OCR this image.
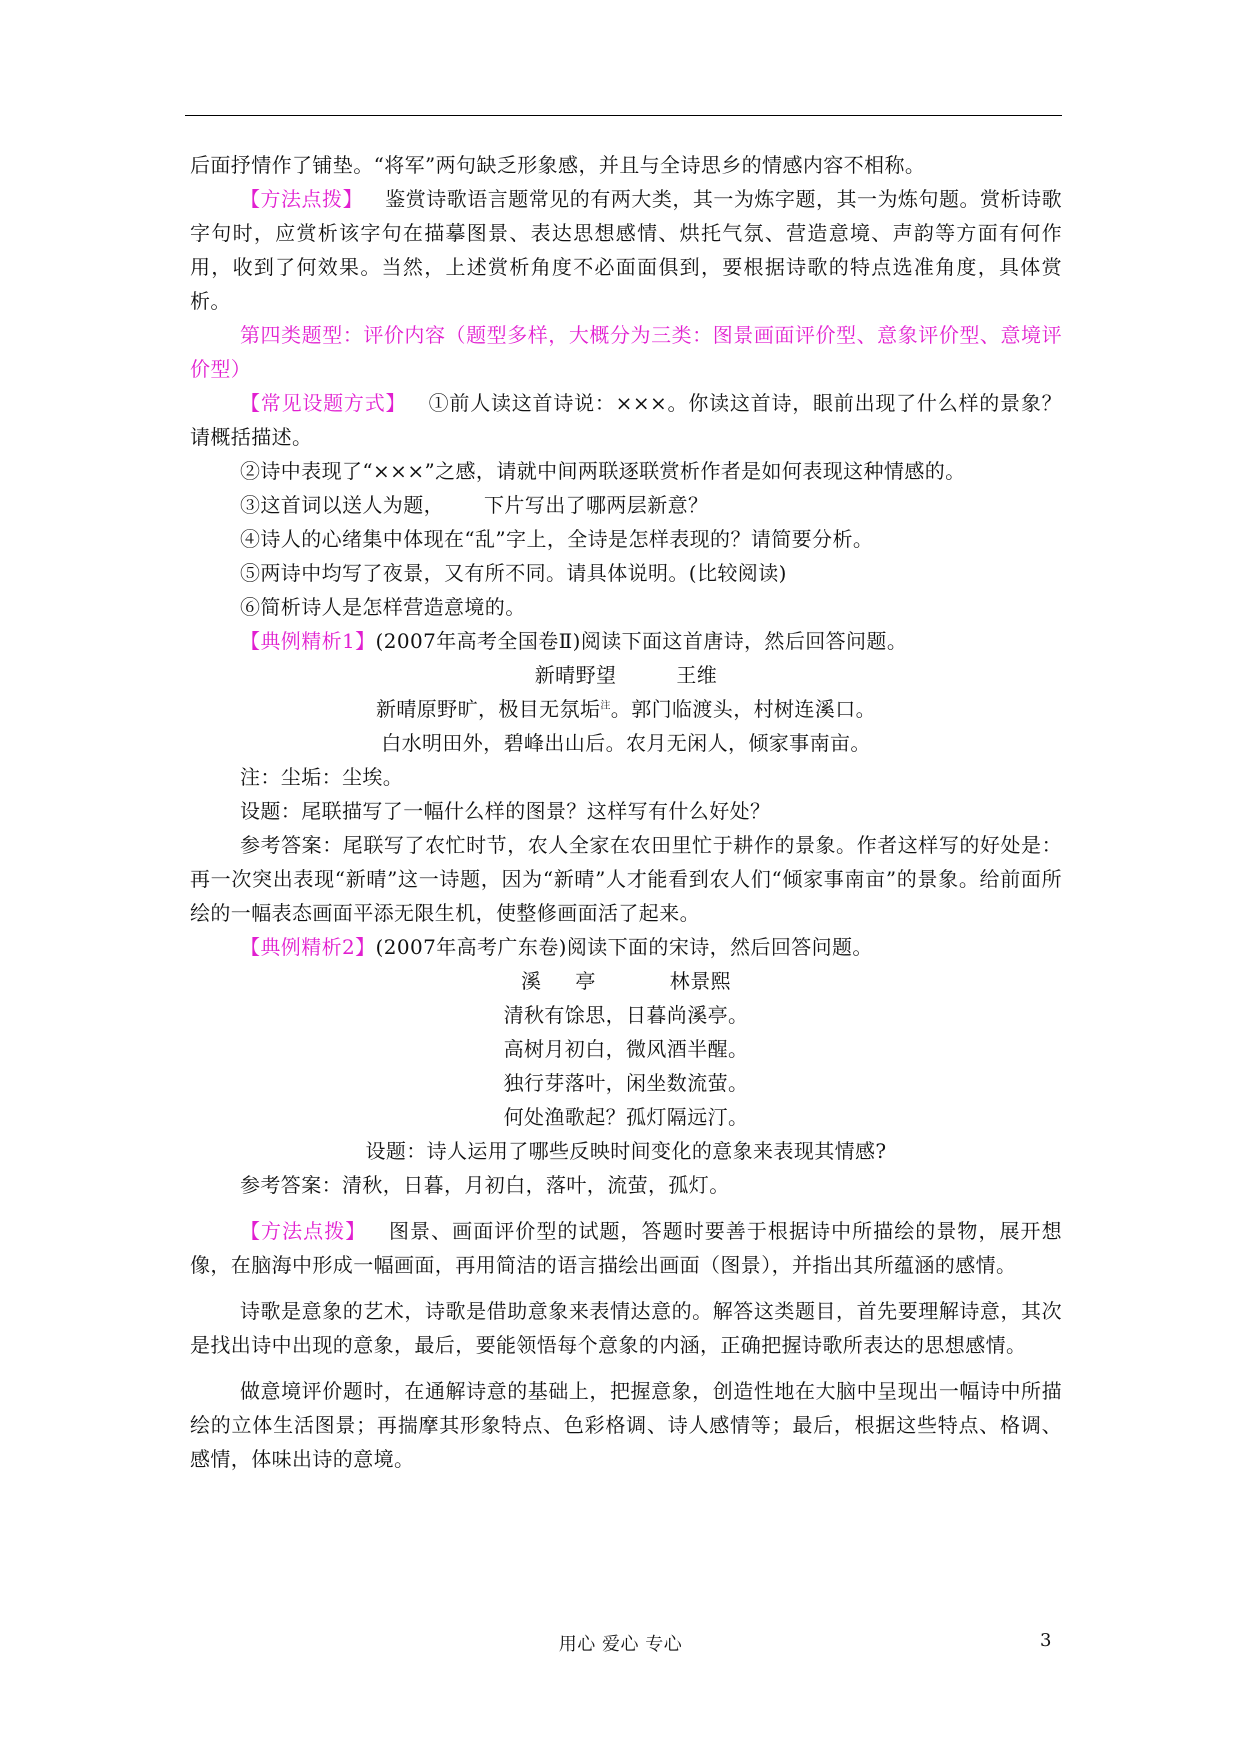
后面抒情作了铺垫。“将军”两句缺乏形象感，并且与全诗思乡的情感内容不相称。

【方法点拨】 鉴赏诗歌语言题常见的有两大类，其一为炼字题，其一为炼句题。赏析诗歌字句时，应赏析该字句在描摹图景、表达思想感情、烘托气氛、营造意境、声韵等方面有何作用，收到了何效果。当然，上述赏析角度不必面面俱到，要根据诗歌的特点选准角度，具体赏析。

第四类题型：评价内容（题型多样，大概分为三类：图景画面评价型、意象评价型、意境评价型）

【常见设题方式】 ①前人读这首诗说：×××。你读这首诗，眼前出现了什么样的景象？请概括描述。

②诗中表现了“×××”之感，请就中间两联逐联赏析作者是如何表现这种情感的。

③这首词以送人为题， 下片写出了哪两层新意？

④诗人的心绪集中体现在“乱”字上，全诗是怎样表现的？请简要分析。

⑤两诗中均写了夜景，又有所不同。请具体说明。(比较阅读)

⑥简析诗人是怎样营造意境的。

【典例精析1】(2007年高考全国卷Ⅱ)阅读下面这首唐诗，然后回答问题。

新晴野望	王维

新晴原野旷，极目无氛垢$^注$。郭门临渡头，村树连溪口。

白水明田外，碧峰出山后。农月无闲人，倾家事南亩。

注：尘垢：尘埃。

设题：尾联描写了一幅什么样的图景？这样写有什么好处？

参考答案：尾联写了农忙时节，农人全家在农田里忙于耕作的景象。作者这样写的好处是：再一次突出表现“新晴”这一诗题，因为“新晴”人才能看到农人们“倾家事南亩”的景象。给前面所绘的一幅表态画面平添无限生机，使整修画面活了起来。

【典例精析2】(2007年高考广东卷)阅读下面的宋诗，然后回答问题。

溪 亭	林景熙

清秋有馀思，日暮尚溪亭。

高树月初白，微风酒半醒。

独行芽落叶，闲坐数流萤。

何处渔歌起？孤灯隔远汀。

设题：诗人运用了哪些反映时间变化的意象来表现其情感?

参考答案：清秋，日暮，月初白，落叶，流萤，孤灯。

【方法点拨】 图景、画面评价型的试题，答题时要善于根据诗中所描绘的景物，展开想像，在脑海中形成一幅画面，再用简洁的语言描绘出画面（图景），并指出其所蕴涵的感情。

诗歌是意象的艺术，诗歌是借助意象来表情达意的。解答这类题目，首先要理解诗意，其次是找出诗中出现的意象，最后，要能领悟每个意象的内涵，正确把握诗歌所表达的思想感情。

做意境评价题时，在通解诗意的基础上，把握意象，创造性地在大脑中呈现出一幅诗中所描绘的立体生活图景；再揣摩其形象特点、色彩格调、诗人感情等；最后，根据这些特点、格调、感情，体味出诗的意境。

用心 爱心 专心	3
